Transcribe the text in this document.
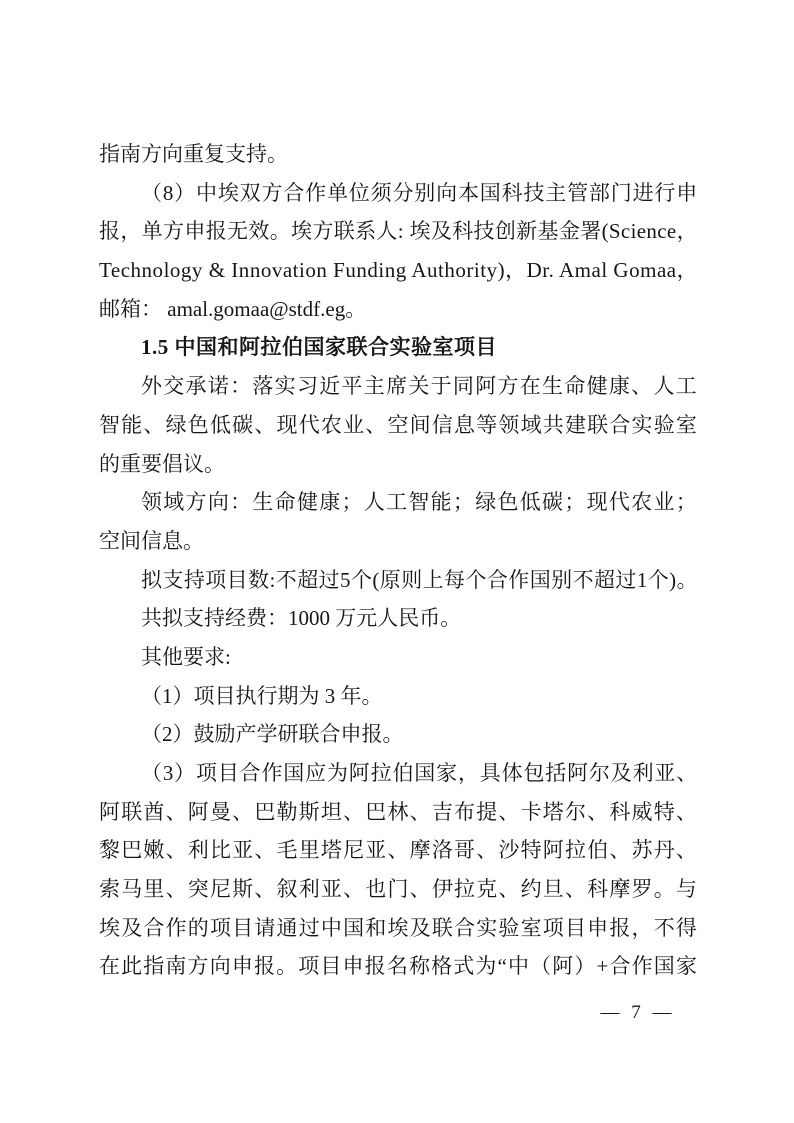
指南方向重复支持。
（8）中埃双方合作单位须分别向本国科技主管部门进行申
报，单方申报无效。埃方联系人: 埃及科技创新基金署(Science，
Technology & Innovation Funding Authority)，Dr. Amal Gomaa，
邮箱： amal.gomaa@stdf.eg。
1.5 中国和阿拉伯国家联合实验室项目
外交承诺：落实习近平主席关于同阿方在生命健康、人工
智能、绿色低碳、现代农业、空间信息等领域共建联合实验室
的重要倡议。
领域方向：生命健康；人工智能；绿色低碳；现代农业；
空间信息。
拟支持项目数:不超过5个(原则上每个合作国别不超过1个)。
共拟支持经费：1000 万元人民币。
其他要求:
（1）项目执行期为 3 年。
（2）鼓励产学研联合申报。
（3）项目合作国应为阿拉伯国家，具体包括阿尔及利亚、
阿联酋、阿曼、巴勒斯坦、巴林、吉布提、卡塔尔、科威特、
黎巴嫩、利比亚、毛里塔尼亚、摩洛哥、沙特阿拉伯、苏丹、
索马里、突尼斯、叙利亚、也门、伊拉克、约旦、科摩罗。与
埃及合作的项目请通过中国和埃及联合实验室项目申报，不得
在此指南方向申报。项目申报名称格式为“中（阿）+合作国家
— 7 —
